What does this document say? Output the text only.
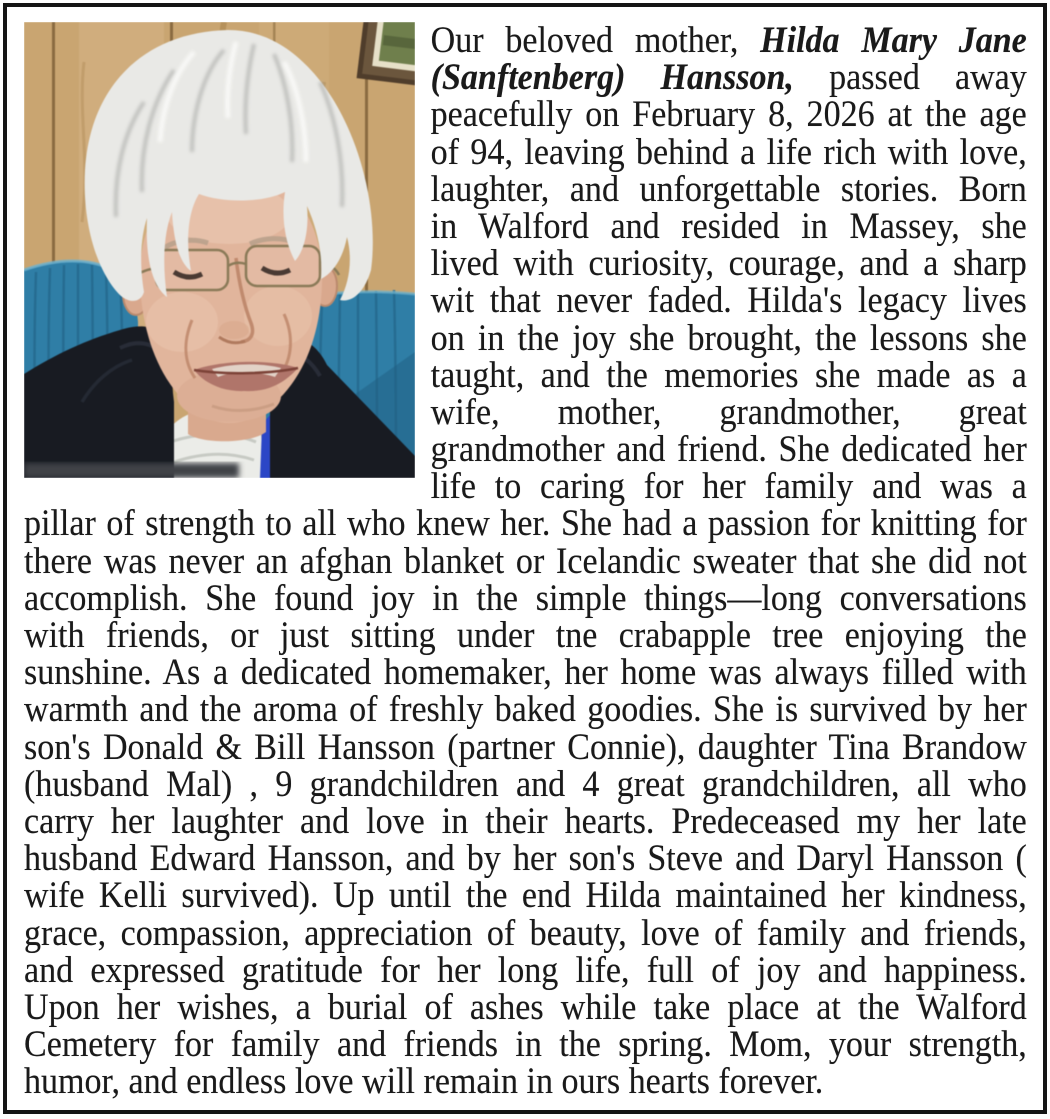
Our beloved mother, Hilda Mary Jane
(Sanftenberg) Hansson, passed away
peacefully on February 8, 2026 at the age
of 94, leaving behind a life rich with love,
laughter, and unforgettable stories. Born
in Walford and resided in Massey, she
lived with curiosity, courage, and a sharp
wit that never faded. Hilda's legacy lives
on in the joy she brought, the lessons she
taught, and the memories she made as a
wife, mother, grandmother, great
grandmother and friend. She dedicated her
life to caring for her family and was a
pillar of strength to all who knew her. She had a passion for knitting for
there was never an afghan blanket or Icelandic sweater that she did not
accomplish. She found joy in the simple things—long conversations
with friends, or just sitting under tne crabapple tree enjoying the
sunshine. As a dedicated homemaker, her home was always filled with
warmth and the aroma of freshly baked goodies. She is survived by her
son's Donald & Bill Hansson (partner Connie), daughter Tina Brandow
(husband Mal) , 9 grandchildren and 4 great grandchildren, all who
carry her laughter and love in their hearts. Predeceased my her late
husband Edward Hansson, and by her son's Steve and Daryl Hansson (
wife Kelli survived). Up until the end Hilda maintained her kindness,
grace, compassion, appreciation of beauty, love of family and friends,
and expressed gratitude for her long life, full of joy and happiness.
Upon her wishes, a burial of ashes while take place at the Walford
Cemetery for family and friends in the spring. Mom, your strength,
humor, and endless love will remain in ours hearts forever.
